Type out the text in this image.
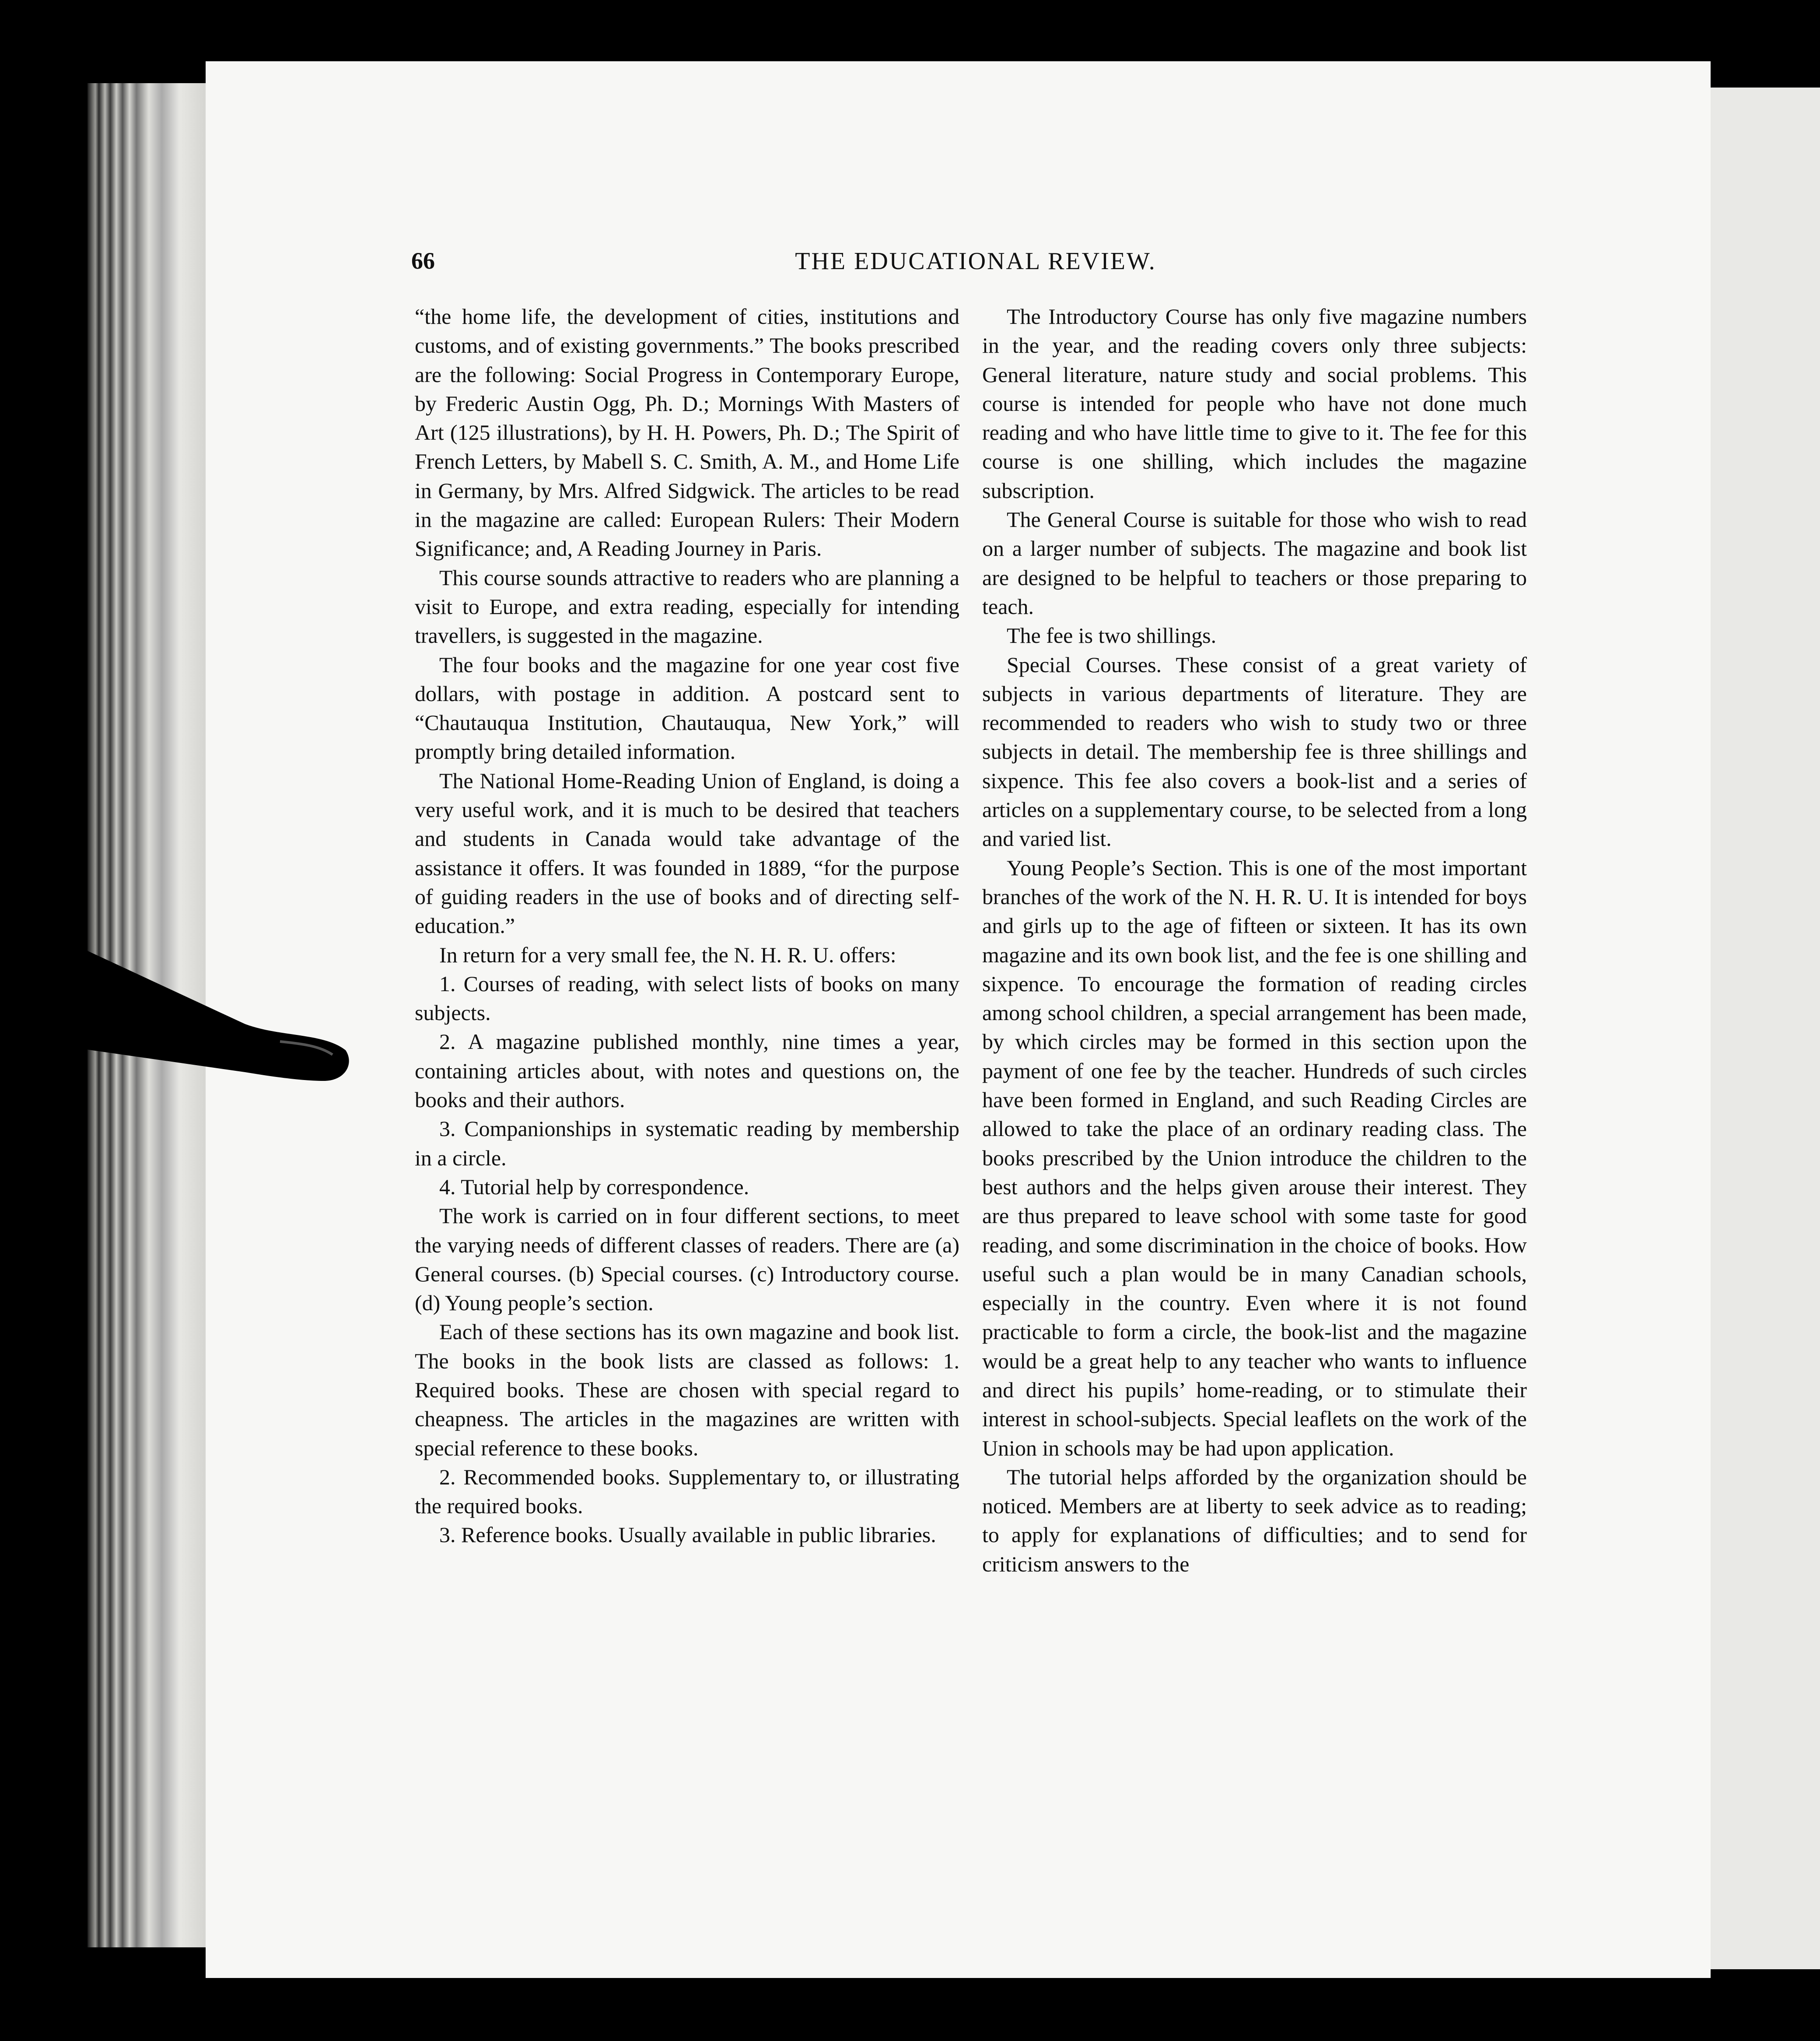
66	THE EDUCATIONAL REVIEW.

“the home life, the development of cities, institutions and customs, and of existing governments.” The books prescribed are the following: Social Progress in Contemporary Europe, by Frederic Austin Ogg, Ph. D.; Mornings With Masters of Art (125 illustrations), by H. H. Powers, Ph. D.; The Spirit of French Letters, by Mabell S. C. Smith, A. M., and Home Life in Germany, by Mrs. Alfred Sidgwick. The articles to be read in the magazine are called: European Rulers: Their Modern Significance; and, A Reading Journey in Paris.

This course sounds attractive to readers who are planning a visit to Europe, and extra reading, especially for intending travellers, is suggested in the magazine.

The four books and the magazine for one year cost five dollars, with postage in addition. A postcard sent to “Chautauqua Institution, Chautauqua, New York,” will promptly bring detailed information.

The National Home-Reading Union of England, is doing a very useful work, and it is much to be desired that teachers and students in Canada would take advantage of the assistance it offers. It was founded in 1889, “for the purpose of guiding readers in the use of books and of directing self-education.”

In return for a very small fee, the N. H. R. U. offers:

1. Courses of reading, with select lists of books on many subjects.

2. A magazine published monthly, nine times a year, containing articles about, with notes and questions on, the books and their authors.

3. Companionships in systematic reading by membership in a circle.

4. Tutorial help by correspondence.

The work is carried on in four different sections, to meet the varying needs of different classes of readers. There are (a) General courses. (b) Special courses. (c) Introductory course. (d) Young people’s section.

Each of these sections has its own magazine and book list. The books in the book lists are classed as follows: 1. Required books. These are chosen with special regard to cheapness. The articles in the magazines are written with special reference to these books.

2. Recommended books. Supplementary to, or illustrating the required books.

3. Reference books. Usually available in public libraries.

The Introductory Course has only five magazine numbers in the year, and the reading covers only three subjects: General literature, nature study and social problems. This course is intended for people who have not done much reading and who have little time to give to it. The fee for this course is one shilling, which includes the magazine subscription.

The General Course is suitable for those who wish to read on a larger number of subjects. The magazine and book list are designed to be helpful to teachers or those preparing to teach.

The fee is two shillings.

Special Courses. These consist of a great variety of subjects in various departments of literature. They are recommended to readers who wish to study two or three subjects in detail. The membership fee is three shillings and sixpence. This fee also covers a book-list and a series of articles on a supplementary course, to be selected from a long and varied list.

Young People’s Section. This is one of the most important branches of the work of the N. H. R. U. It is intended for boys and girls up to the age of fifteen or sixteen. It has its own magazine and its own book list, and the fee is one shilling and sixpence. To encourage the formation of reading circles among school children, a special arrangement has been made, by which circles may be formed in this section upon the payment of one fee by the teacher. Hundreds of such circles have been formed in England, and such Reading Circles are allowed to take the place of an ordinary reading class. The books prescribed by the Union introduce the children to the best authors and the helps given arouse their interest. They are thus prepared to leave school with some taste for good reading, and some discrimination in the choice of books. How useful such a plan would be in many Canadian schools, especially in the country. Even where it is not found practicable to form a circle, the book-list and the magazine would be a great help to any teacher who wants to influence and direct his pupils’ home-reading, or to stimulate their interest in school-subjects. Special leaflets on the work of the Union in schools may be had upon application.

The tutorial helps afforded by the organization should be noticed. Members are at liberty to seek advice as to reading; to apply for explanations of difficulties; and to send for criticism answers to the
